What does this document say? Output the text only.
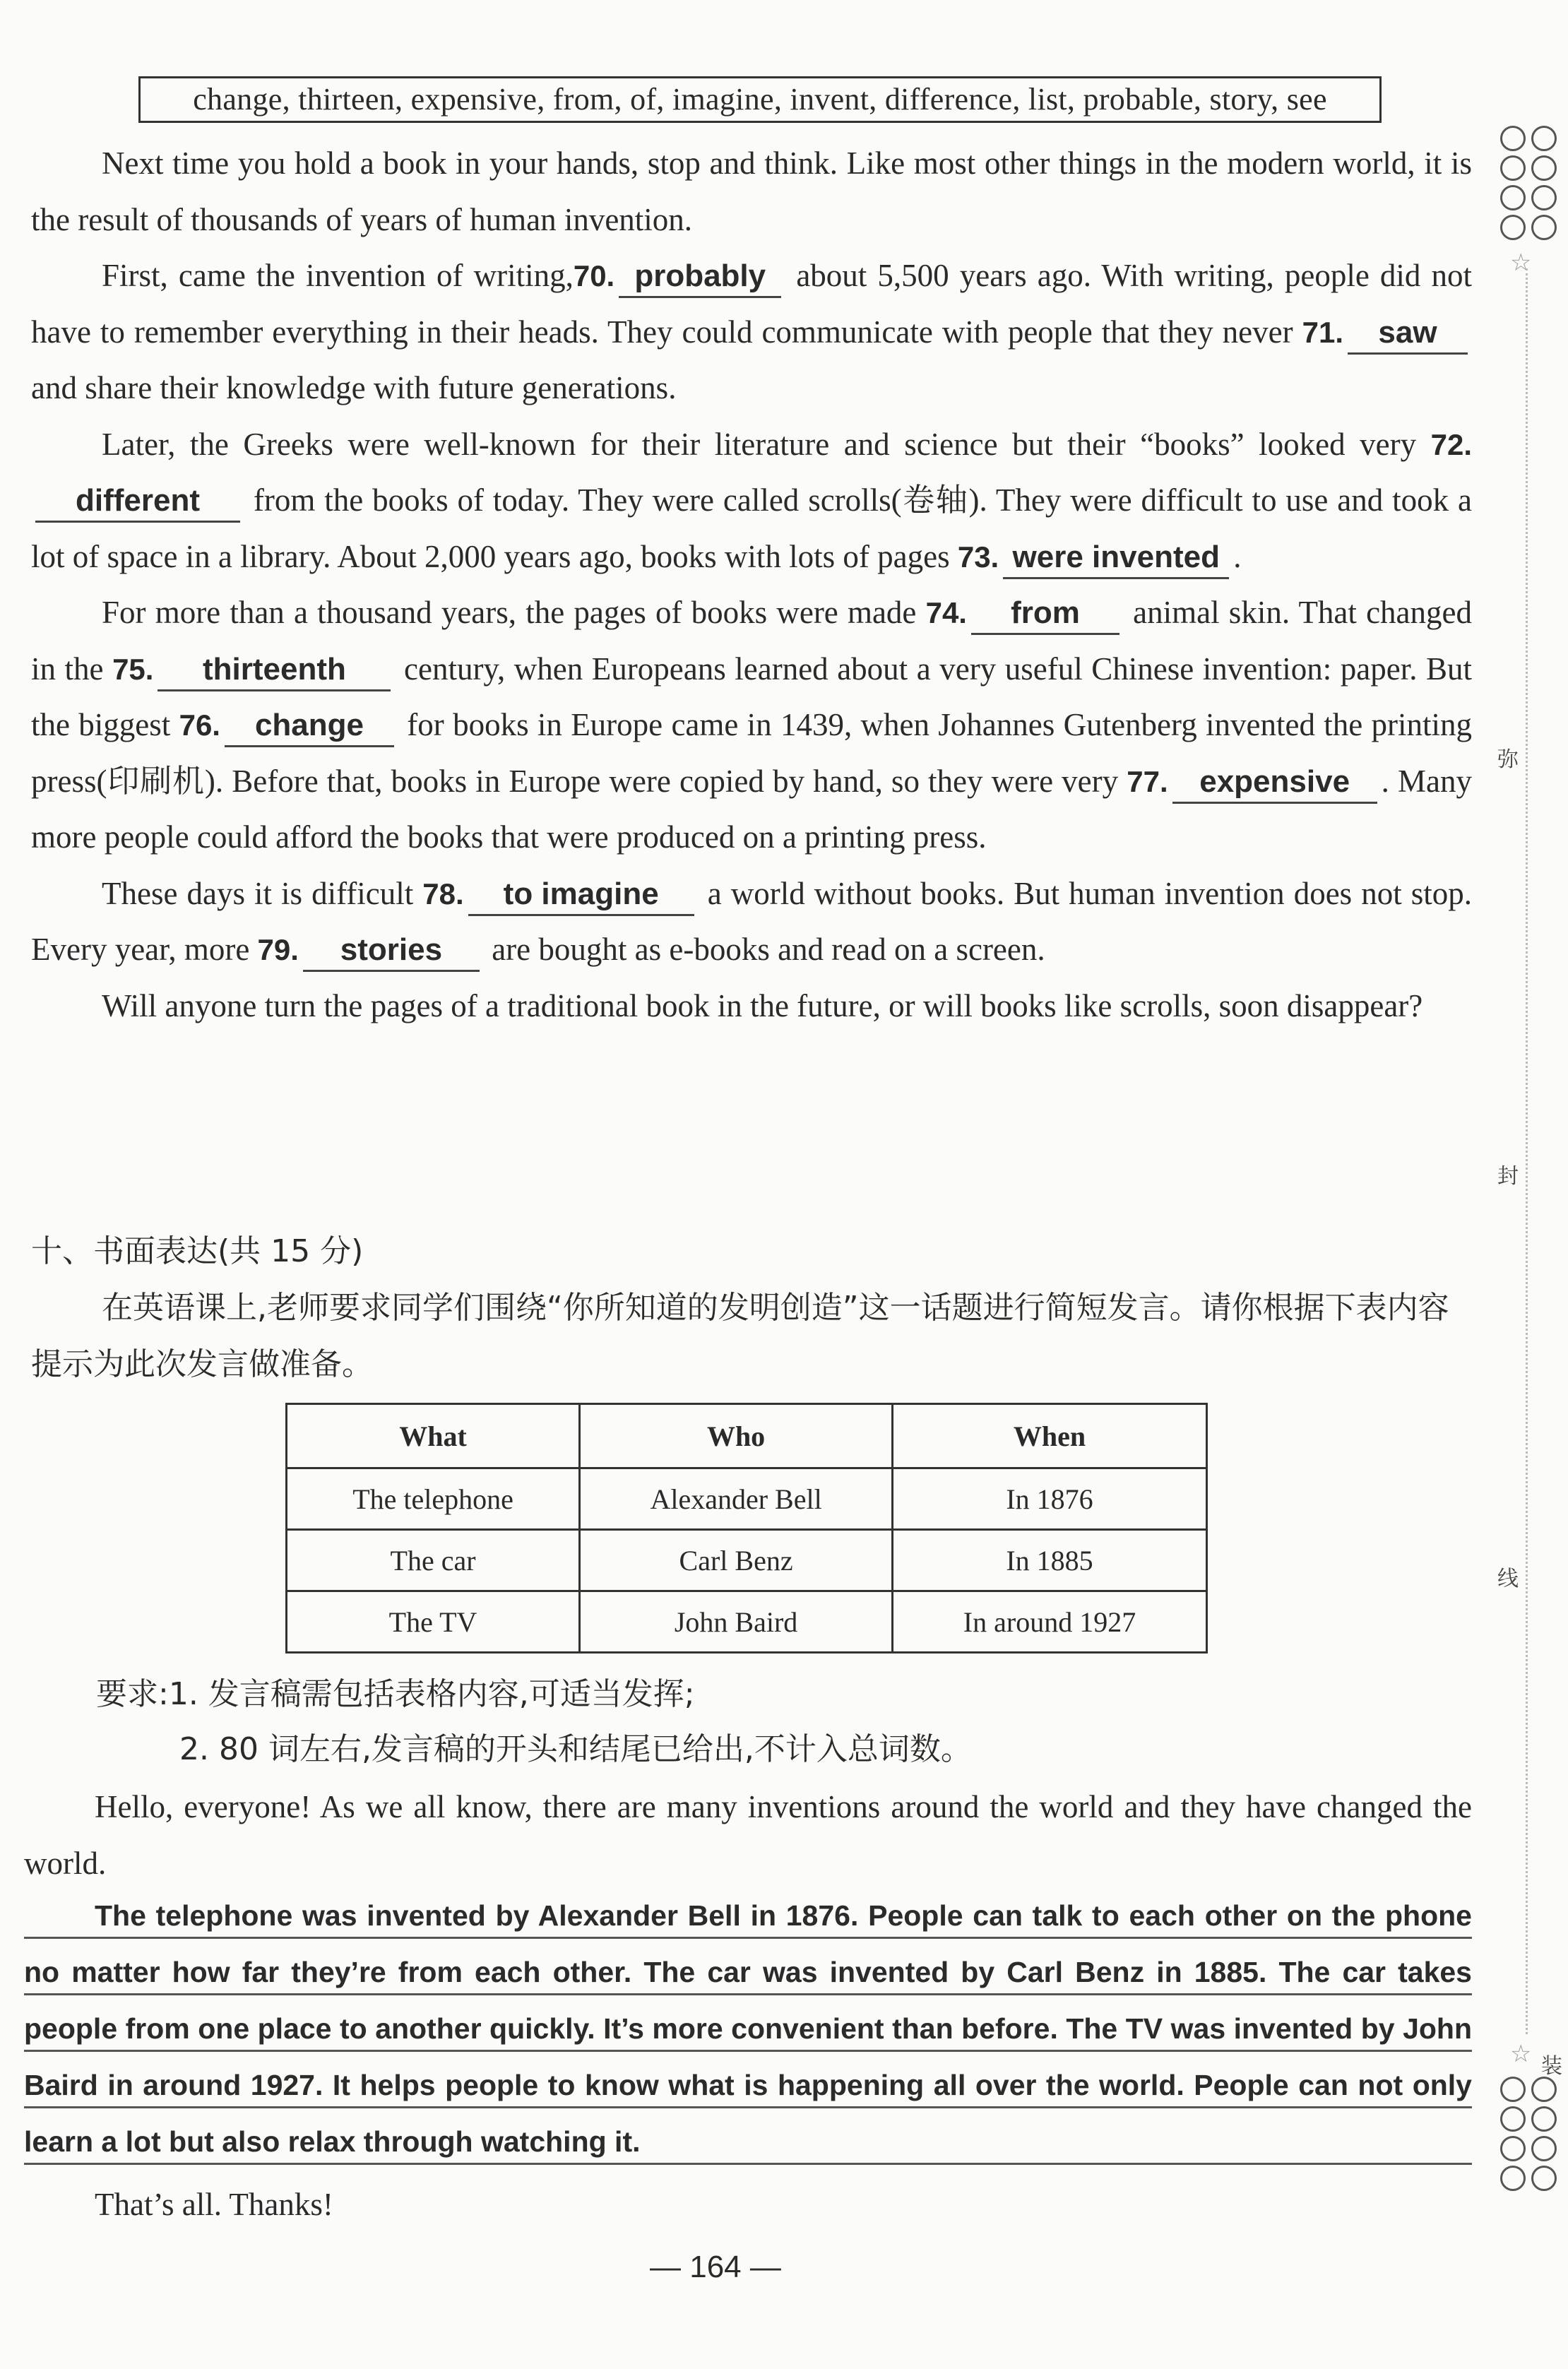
change, thirteen, expensive, from, of, imagine, invent, difference, list, probable, story, see

Next time you hold a book in your hands, stop and think. Like most other things in the modern world, it is the result of thousands of years of human invention.

First, came the invention of writing,70. probably about 5,500 years ago. With writing, people did not have to remember everything in their heads. They could communicate with people that they never 71. saw and share their knowledge with future generations.

Later, the Greeks were well-known for their literature and science but their “books” looked very 72.different from the books of today. They were called scrolls(卷轴). They were difficult to use and took a lot of space in a library. About 2,000 years ago, books with lots of pages 73. were invented .

For more than a thousand years, the pages of books were made 74. from animal skin. That changed in the 75. thirteenth century, when Europeans learned about a very useful Chinese invention: paper. But the biggest 76. change for books in Europe came in 1439, when Johannes Gutenberg invented the printing press(印刷机). Before that, books in Europe were copied by hand, so they were very 77. expensive . Many more people could afford the books that were produced on a printing press.

These days it is difficult 78. to imagine a world without books. But human invention does not stop. Every year, more 79. stories are bought as e-books and read on a screen.

Will anyone turn the pages of a traditional book in the future, or will books like scrolls, soon disappear?

十、书面表达(共 15 分)
在英语课上,老师要求同学们围绕“你所知道的发明创造”这一话题进行简短发言。请你根据下表内容提示为此次发言做准备。
What	Who	When
The telephone	Alexander Bell	In 1876
The car	Carl Benz	In 1885
The TV	John Baird	In around 1927
要求:1. 发言稿需包括表格内容,可适当发挥;
2. 80 词左右,发言稿的开头和结尾已给出,不计入总词数。

Hello, everyone! As we all know, there are many inventions around the world and they have changed the world.

The telephone was invented by Alexander Bell in 1876. People can talk to each other on the phone no matter how far they’re from each other. The car was invented by Carl Benz in 1885. The car takes people from one place to another quickly. It’s more convenient than before. The TV was invented by John Baird in around 1927. It helps people to know what is happening all over the world. People can not only learn a lot but also relax through watching it.
That’s all. Thanks!
— 164 —
☆
弥
封
线
装
☆
